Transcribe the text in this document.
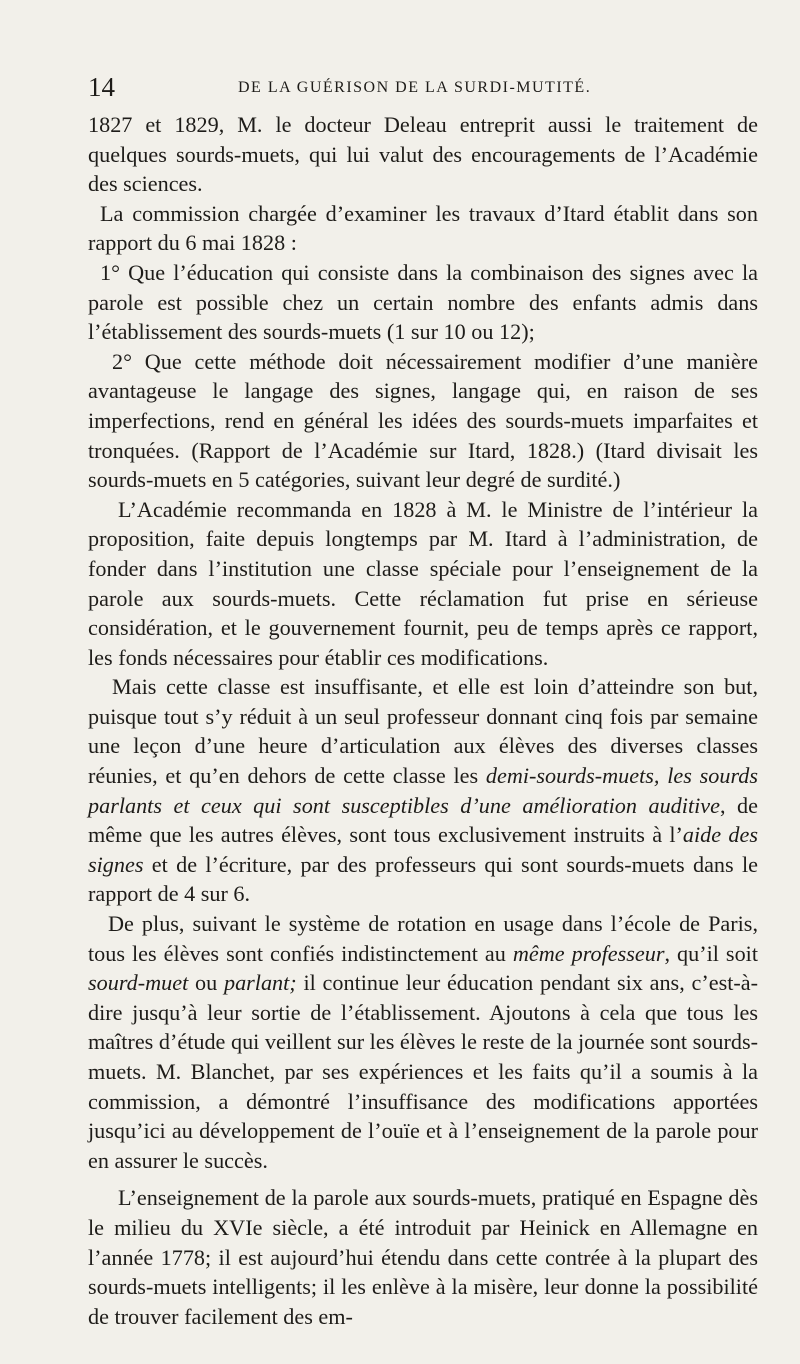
14	DE LA GUÉRISON DE LA SURDI-MUTITÉ.

1827 et 1829, M. le docteur Deleau entreprit aussi le traitement de quelques sourds-muets, qui lui valut des encouragements de l’Académie des sciences.

La commission chargée d’examiner les travaux d’Itard établit dans son rapport du 6 mai 1828 :

1° Que l’éducation qui consiste dans la combinaison des signes avec la parole est possible chez un certain nombre des enfants admis dans l’établissement des sourds-muets (1 sur 10 ou 12);

2° Que cette méthode doit nécessairement modifier d’une manière avantageuse le langage des signes, langage qui, en raison de ses imperfections, rend en général les idées des sourds-muets imparfaites et tronquées. (Rapport de l’Académie sur Itard, 1828.) (Itard divisait les sourds-muets en 5 catégories, suivant leur degré de surdité.)

L’Académie recommanda en 1828 à M. le Ministre de l’intérieur la proposition, faite depuis longtemps par M. Itard à l’administration, de fonder dans l’institution une classe spéciale pour l’enseignement de la parole aux sourds-muets. Cette réclamation fut prise en sérieuse considération, et le gouvernement fournit, peu de temps après ce rapport, les fonds nécessaires pour établir ces modifications.

Mais cette classe est insuffisante, et elle est loin d’atteindre son but, puisque tout s’y réduit à un seul professeur donnant cinq fois par semaine une leçon d’une heure d’articulation aux élèves des diverses classes réunies, et qu’en dehors de cette classe les demi-sourds-muets, les sourds parlants et ceux qui sont susceptibles d’une amélioration auditive, de même que les autres élèves, sont tous exclusivement instruits à l’aide des signes et de l’écriture, par des professeurs qui sont sourds-muets dans le rapport de 4 sur 6.

De plus, suivant le système de rotation en usage dans l’école de Paris, tous les élèves sont confiés indistinctement au même professeur, qu’il soit sourd-muet ou parlant; il continue leur éducation pendant six ans, c’est-à-dire jusqu’à leur sortie de l’établissement. Ajoutons à cela que tous les maîtres d’étude qui veillent sur les élèves le reste de la journée sont sourds-muets. M. Blanchet, par ses expériences et les faits qu’il a soumis à la commission, a démontré l’insuffisance des modifications apportées jusqu’ici au développement de l’ouïe et à l’enseignement de la parole pour en assurer le succès.

L’enseignement de la parole aux sourds-muets, pratiqué en Espagne dès le milieu du XVIe siècle, a été introduit par Heinick en Allemagne en l’année 1778; il est aujourd’hui étendu dans cette contrée à la plupart des sourds-muets intelligents; il les enlève à la misère, leur donne la possibilité de trouver facilement des em-
